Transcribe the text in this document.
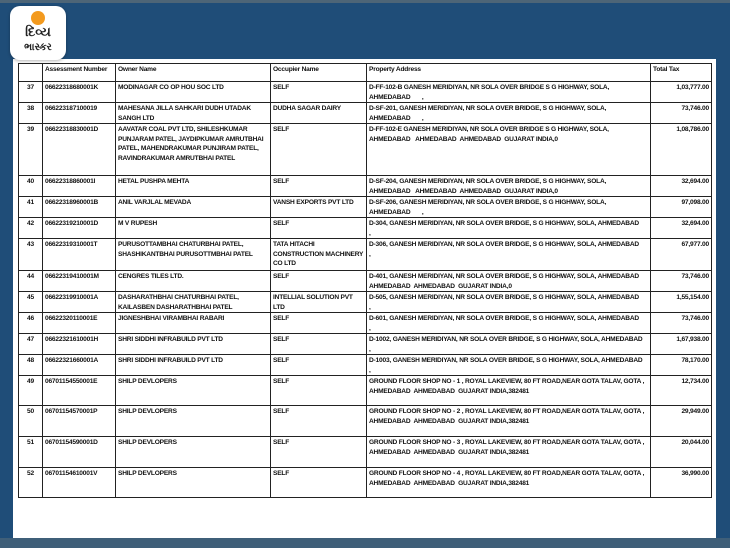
	Assessment Number	Owner Name	Occupier Name	Property Address	Total Tax
37	06622318680001K	MODINAGAR CO OP HOU SOC LTD	SELF	D-FF-102-B GANESH MERIDIYAN, NR SOLA OVER BRIDGE S G HIGHWAY, SOLA, AHMEDABAD       ,	1,03,777.00
38	066223187100019	MAHESANA JILLA SAHKARI DUDH UTADAK SANGH LTD	DUDHA SAGAR DAIRY	D-SF-201, GANESH MERIDIYAN, NR SOLA OVER BRIDGE, S G HIGHWAY, SOLA, AHMEDABAD       ,	73,746.00
39	06622318830001D	AAVATAR COAL PVT LTD, SHILESHKUMAR PUNJARAM PATEL, JAYDIPKUMAR AMRUTBHAI PATEL, MAHENDRAKUMAR PUNJIRAM PATEL, RAVINDRAKUMAR AMRUTBHAI PATEL	SELF	D-FF-102-E GANESH MERIDIYAN, NR SOLA OVER BRIDGE S G HIGHWAY, SOLA, AHMEDABAD   AHMEDABAD  AHMEDABAD  GUJARAT INDIA,0	1,08,786.00
40	06622318860001I	HETAL PUSHPA MEHTA	SELF	D-SF-204, GANESH MERIDIYAN, NR SOLA OVER BRIDGE, S G HIGHWAY, SOLA, AHMEDABAD   AHMEDABAD  AHMEDABAD  GUJARAT INDIA,0	32,694.00
41	06622318960001B	ANIL VARJLAL MEVADA	VANSH EXPORTS PVT LTD	D-SF-206, GANESH MERIDIYAN, NR SOLA OVER BRIDGE, S G HIGHWAY, SOLA, AHMEDABAD       ,	97,098.00
42	06622319210001D	M V RUPESH	SELF	D-304, GANESH MERIDIYAN, NR SOLA OVER BRIDGE, S G HIGHWAY, SOLA, AHMEDABAD       ,	32,694.00
43	06622319310001T	PURUSOTTAMBHAI CHATURBHAI PATEL, SHASHIKANTBHAI PURUSOTTMBHAI PATEL	TATA HITACHI CONSTRUCTION MACHINERY CO LTD	D-306, GANESH MERIDIYAN, NR SOLA OVER BRIDGE, S G HIGHWAY, SOLA, AHMEDABAD       ,	67,977.00
44	06622319410001M	CENGRES TILES LTD.	SELF	D-401, GANESH MERIDIYAN, NR SOLA OVER BRIDGE, S G HIGHWAY, SOLA, AHMEDABAD   AHMEDABAD  AHMEDABAD  GUJARAT INDIA,0	73,746.00
45	06622319910001A	DASHARATHBHAI CHATURBHAI PATEL, KAILASBEN DASHARATHBHAI PATEL	INTELLIAL SOLUTION PVT LTD	D-505, GANESH MERIDIYAN, NR SOLA OVER BRIDGE, S G HIGHWAY, SOLA, AHMEDABAD       ,	1,55,154.00
46	06622320110001E	JIGNESHBHAI VIRAMBHAI RABARI	SELF	D-601, GANESH MERIDIYAN, NR SOLA OVER BRIDGE, S G HIGHWAY, SOLA, AHMEDABAD       ,	73,746.00
47	06622321610001H	SHRI SIDDHI INFRABUILD PVT LTD	SELF	D-1002, GANESH MERIDIYAN, NR SOLA OVER BRIDGE, S G HIGHWAY, SOLA, AHMEDABAD       ,	1,67,938.00
48	06622321660001A	SHRI SIDDHI INFRABUILD PVT LTD	SELF	D-1003, GANESH MERIDIYAN, NR SOLA OVER BRIDGE, S G HIGHWAY, SOLA, AHMEDABAD       ,	78,170.00
49	06701154550001E	SHILP DEVLOPERS	SELF	GROUND FLOOR SHOP NO - 1 , ROYAL LAKEVIEW, 80 FT ROAD,NEAR GOTA TALAV, GOTA ,  AHMEDABAD  AHMEDABAD  GUJARAT INDIA,382481	12,734.00
50	06701154570001P	SHILP DEVLOPERS	SELF	GROUND FLOOR SHOP NO - 2 , ROYAL LAKEVIEW, 80 FT ROAD,NEAR GOTA TALAV, GOTA ,  AHMEDABAD  AHMEDABAD  GUJARAT INDIA,382481	29,949.00
51	06701154590001D	SHILP DEVLOPERS	SELF	GROUND FLOOR SHOP NO - 3 , ROYAL LAKEVIEW, 80 FT ROAD,NEAR GOTA TALAV, GOTA ,  AHMEDABAD  AHMEDABAD  GUJARAT INDIA,382481	20,044.00
52	06701154610001V	SHILP DEVLOPERS	SELF	GROUND FLOOR SHOP NO - 4 , ROYAL LAKEVIEW, 80 FT ROAD,NEAR GOTA TALAV, GOTA ,  AHMEDABAD  AHMEDABAD  GUJARAT INDIA,382481	36,990.00
દિવ્ય
ભાસ્કર
